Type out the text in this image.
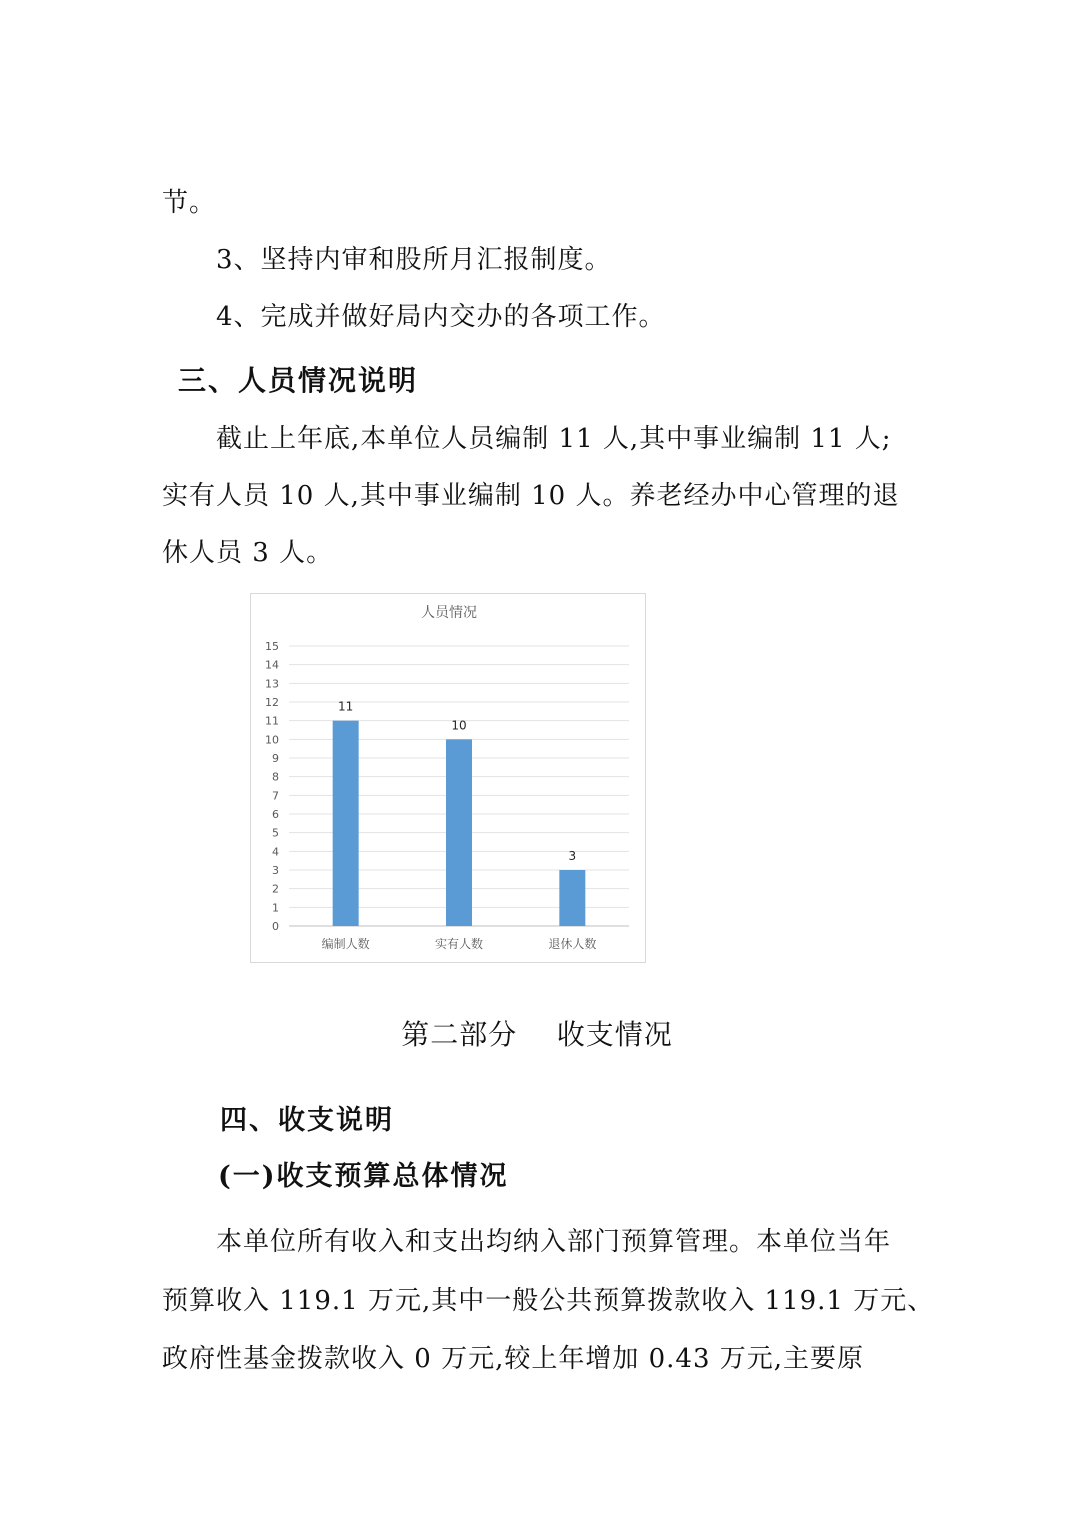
节。
3、坚持内审和股所月汇报制度。
4、完成并做好局内交办的各项工作。
三、人员情况说明
截止上年底,本单位人员编制 11 人,其中事业编制 11 人;
实有人员 10 人,其中事业编制 10 人。养老经办中心管理的退
休人员 3 人。
人员情况
0
1
2
3
4
5
6
7
8
9
10
11
12
13
14
15
11
编制人数
10
实有人数
3
退休人数
第二部分    收支情况
四、收支说明
(一)收支预算总体情况
本单位所有收入和支出均纳入部门预算管理。本单位当年
预算收入 119.1 万元,其中一般公共预算拨款收入 119.1 万元、
政府性基金拨款收入 0 万元,较上年增加 0.43 万元,主要原
